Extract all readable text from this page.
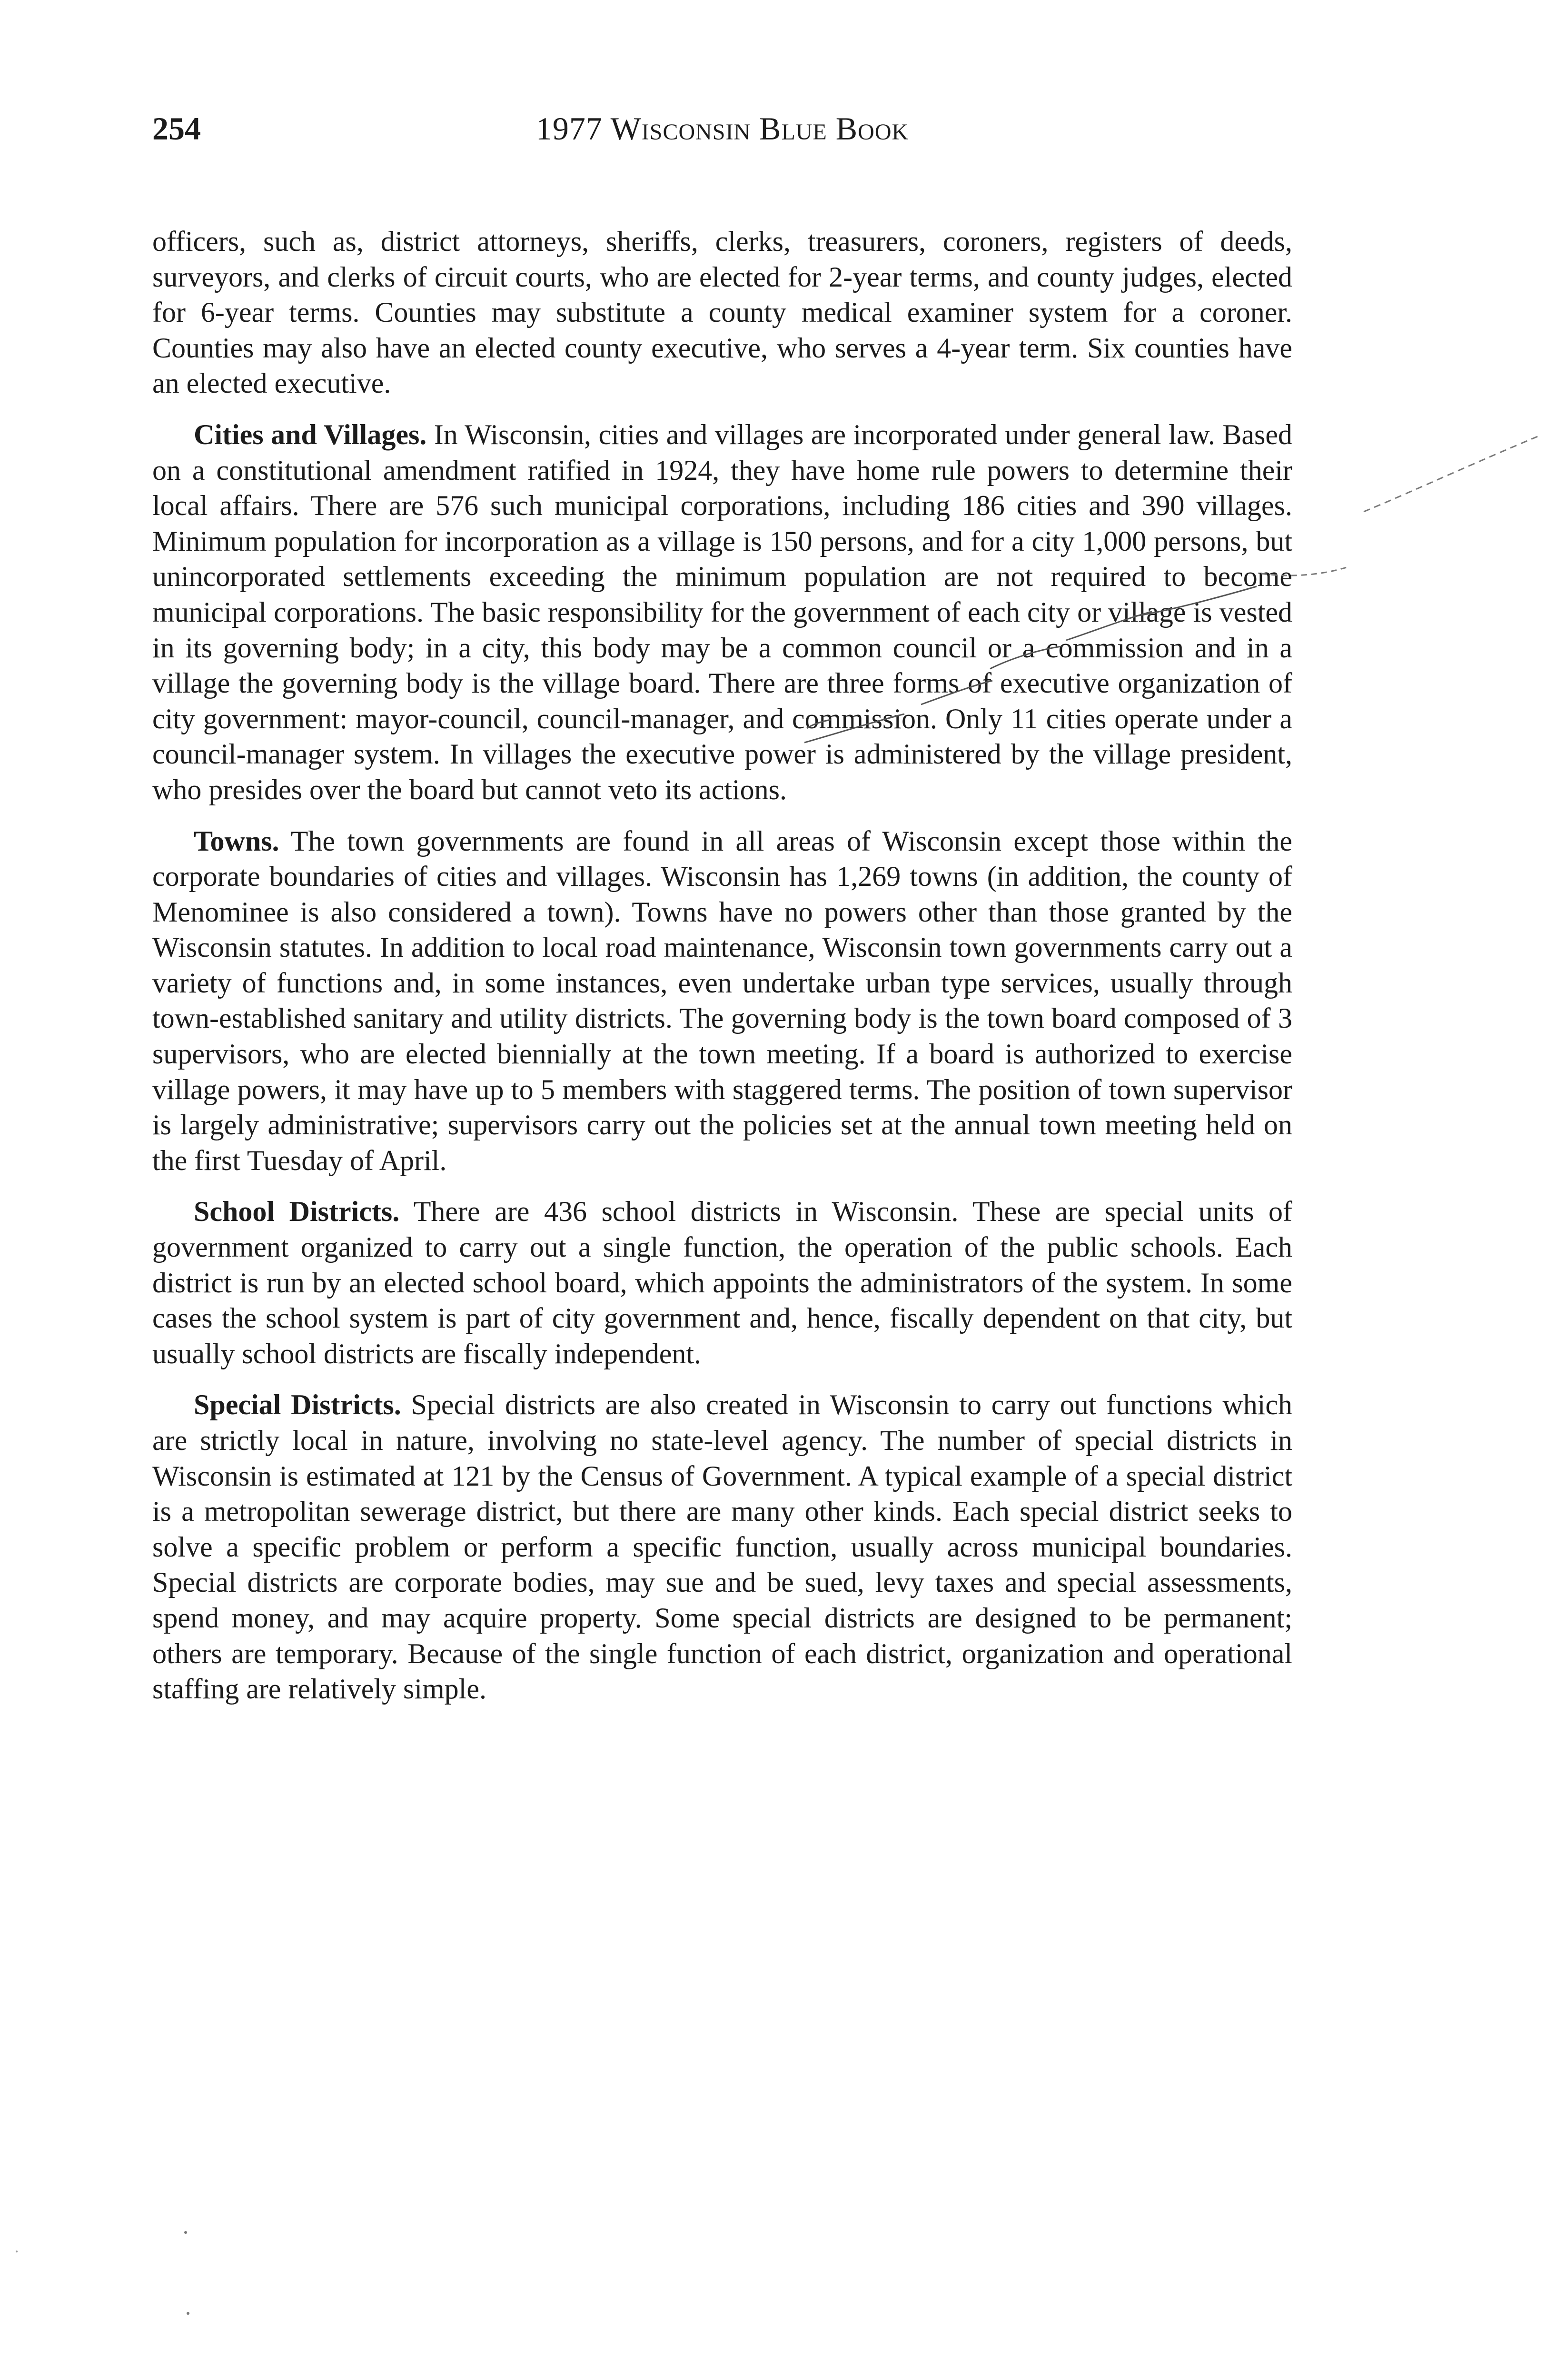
254	1977 Wisconsin Blue Book

officers, such as, district attorneys, sheriffs, clerks, treasurers, coroners, registers of deeds, surveyors, and clerks of circuit courts, who are elected for 2-year terms, and county judges, elected for 6-year terms. Counties may substitute a county medical examiner system for a coroner. Counties may also have an elected county executive, who serves a 4-year term. Six counties have an elected executive.

Cities and Villages. In Wisconsin, cities and villages are incorporated under general law. Based on a constitutional amendment ratified in 1924, they have home rule powers to determine their local affairs. There are 576 such municipal corporations, including 186 cities and 390 villages. Minimum population for incorporation as a village is 150 persons, and for a city 1,000 persons, but unincorporated settlements exceeding the minimum population are not required to become municipal corporations. The basic responsibility for the government of each city or village is vested in its governing body; in a city, this body may be a common council or a commission and in a village the governing body is the village board. There are three forms of executive organization of city government: mayor-council, council-manager, and commission. Only 11 cities operate under a council-manager system. In villages the executive power is administered by the village president, who presides over the board but cannot veto its actions.

Towns. The town governments are found in all areas of Wisconsin except those within the corporate boundaries of cities and villages. Wisconsin has 1,269 towns (in addition, the county of Menominee is also considered a town). Towns have no powers other than those granted by the Wisconsin statutes. In addition to local road maintenance, Wisconsin town governments carry out a variety of functions and, in some instances, even undertake urban type services, usually through town-established sanitary and utility districts. The governing body is the town board composed of 3 supervisors, who are elected biennially at the town meeting. If a board is authorized to exercise village powers, it may have up to 5 members with staggered terms. The position of town supervisor is largely administrative; supervisors carry out the policies set at the annual town meeting held on the first Tuesday of April.

School Districts. There are 436 school districts in Wisconsin. These are special units of government organized to carry out a single function, the operation of the public schools. Each district is run by an elected school board, which appoints the administrators of the system. In some cases the school system is part of city government and, hence, fiscally dependent on that city, but usually school districts are fiscally independent.

Special Districts. Special districts are also created in Wisconsin to carry out functions which are strictly local in nature, involving no state-level agency. The number of special districts in Wisconsin is estimated at 121 by the Census of Government. A typical example of a special district is a metropolitan sewerage district, but there are many other kinds. Each special district seeks to solve a specific problem or perform a specific function, usually across municipal boundaries. Special districts are corporate bodies, may sue and be sued, levy taxes and special assessments, spend money, and may acquire property. Some special districts are designed to be permanent; others are temporary. Because of the single function of each district, organization and operational staffing are relatively simple.
